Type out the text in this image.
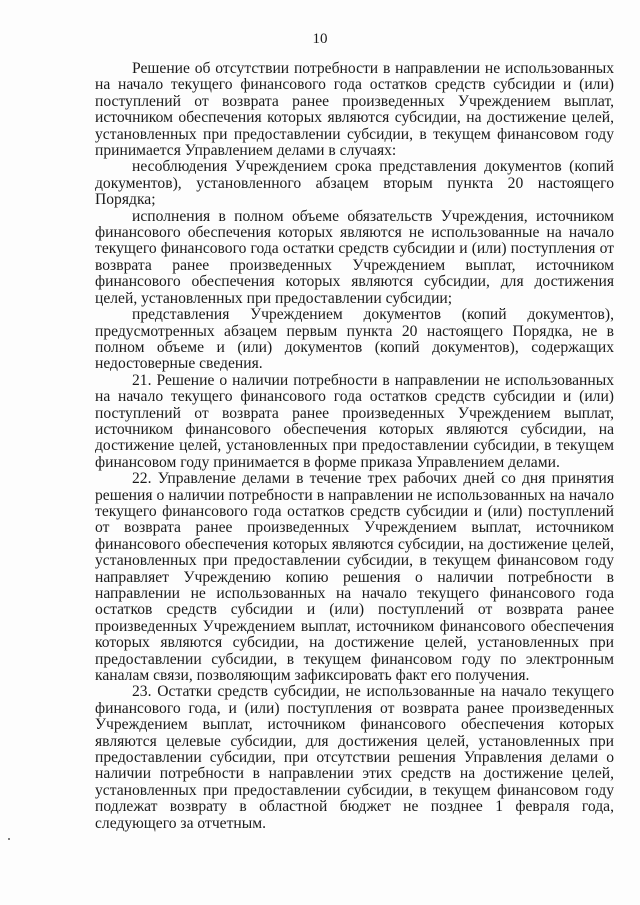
10

Решение об отсутствии потребности в направлении не использованных на начало текущего финансового года остатков средств субсидии и (или) поступлений от возврата ранее произведенных Учреждением выплат, источником обеспечения которых являются субсидии, на достижение целей, установленных при предоставлении субсидии, в текущем финансовом году принимается Управлением делами в случаях:

несоблюдения Учреждением срока представления документов (копий документов), установленного абзацем вторым пункта 20 настоящего Порядка;

исполнения в полном объеме обязательств Учреждения, источником финансового обеспечения которых являются не использованные на начало текущего финансового года остатки средств субсидии и (или) поступления от возврата ранее произведенных Учреждением выплат, источником финансового обеспечения которых являются субсидии, для достижения целей, установленных при предоставлении субсидии;

представления Учреждением документов (копий документов), предусмотренных абзацем первым пункта 20 настоящего Порядка, не в полном объеме и (или) документов (копий документов), содержащих недостоверные сведения.

21. Решение о наличии потребности в направлении не использованных на начало текущего финансового года остатков средств субсидии и (или) поступлений от возврата ранее произведенных Учреждением выплат, источником финансового обеспечения которых являются субсидии, на достижение целей, установленных при предоставлении субсидии, в текущем финансовом году принимается в форме приказа Управлением делами.

22. Управление делами в течение трех рабочих дней со дня принятия решения о наличии потребности в направлении не использованных на начало текущего финансового года остатков средств субсидии и (или) поступлений от возврата ранее произведенных Учреждением выплат, источником финансового обеспечения которых являются субсидии, на достижение целей, установленных при предоставлении субсидии, в текущем финансовом году направляет Учреждению копию решения о наличии потребности в направлении не использованных на начало текущего финансового года остатков средств субсидии и (или) поступлений от возврата ранее произведенных Учреждением выплат, источником финансового обеспечения которых являются субсидии, на достижение целей, установленных при предоставлении субсидии, в текущем финансовом году по электронным каналам связи, позволяющим зафиксировать факт его получения.

23. Остатки средств субсидии, не использованные на начало текущего финансового года, и (или) поступления от возврата ранее произведенных Учреждением выплат, источником финансового обеспечения которых являются целевые субсидии, для достижения целей, установленных при предоставлении субсидии, при отсутствии решения Управления делами о наличии потребности в направлении этих средств на достижение целей, установленных при предоставлении субсидии, в текущем финансовом году подлежат возврату в областной бюджет не позднее 1 февраля года, следующего за отчетным.
